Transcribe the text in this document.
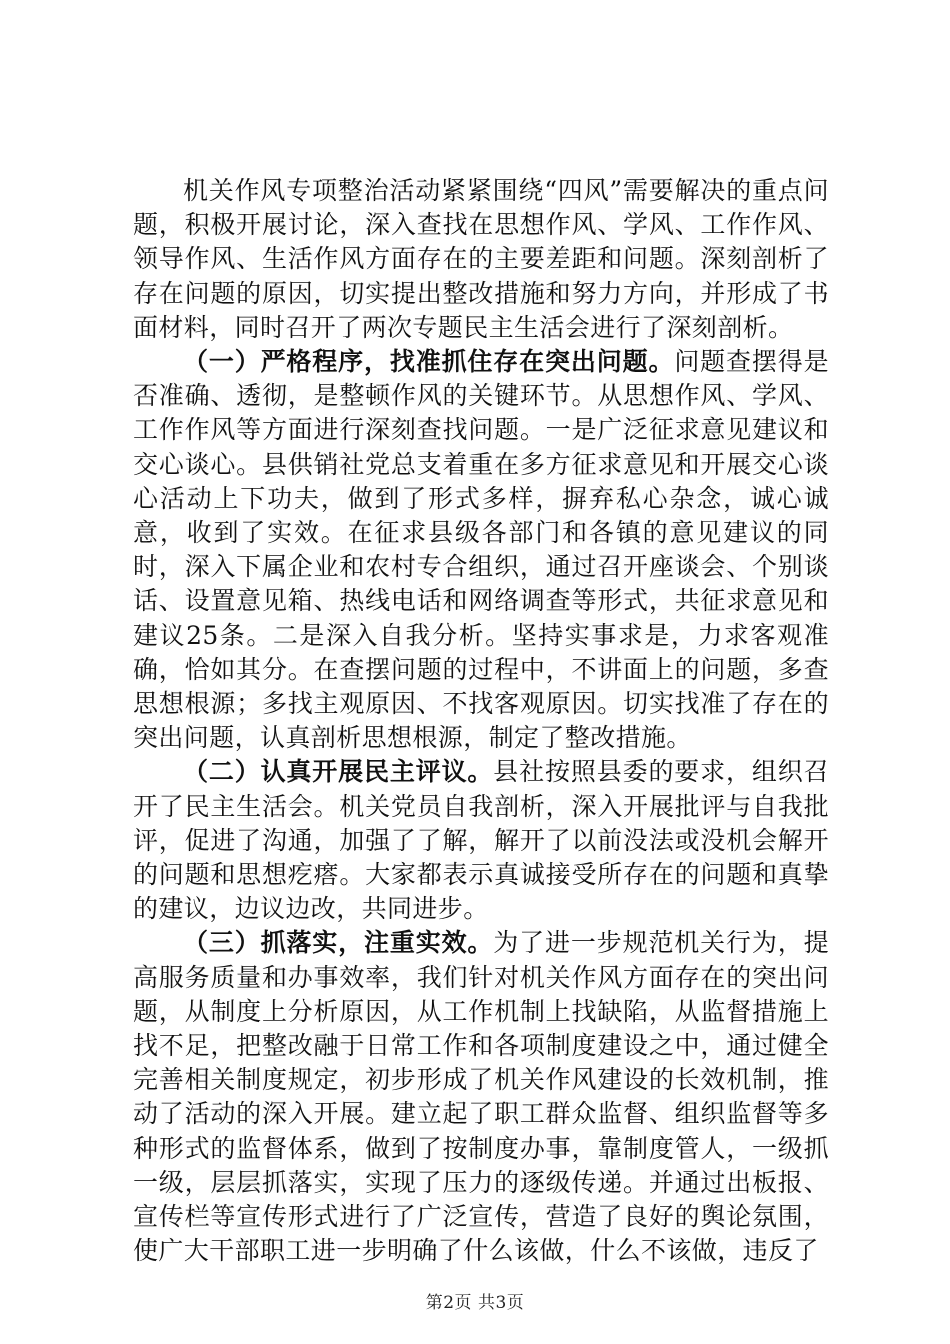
机关作风专项整治活动紧紧围绕“四风”需要解决的重点问题，积极开展讨论，深入查找在思想作风、学风、工作作风、领导作风、生活作风方面存在的主要差距和问题。深刻剖析了存在问题的原因，切实提出整改措施和努力方向，并形成了书面材料，同时召开了两次专题民主生活会进行了深刻剖析。

（一）严格程序，找准抓住存在突出问题。问题查摆得是否准确、透彻，是整顿作风的关键环节。从思想作风、学风、工作作风等方面进行深刻查找问题。一是广泛征求意见建议和交心谈心。县供销社党总支着重在多方征求意见和开展交心谈心活动上下功夫，做到了形式多样，摒弃私心杂念，诚心诚意，收到了实效。在征求县级各部门和各镇的意见建议的同时，深入下属企业和农村专合组织，通过召开座谈会、个别谈话、设置意见箱、热线电话和网络调查等形式，共征求意见和建议25条。二是深入自我分析。坚持实事求是，力求客观准确，恰如其分。在查摆问题的过程中，不讲面上的问题，多查思想根源；多找主观原因、不找客观原因。切实找准了存在的突出问题，认真剖析思想根源，制定了整改措施。

（二）认真开展民主评议。县社按照县委的要求，组织召开了民主生活会。机关党员自我剖析，深入开展批评与自我批评，促进了沟通，加强了了解，解开了以前没法或没机会解开的问题和思想疙瘩。大家都表示真诚接受所存在的问题和真挚的建议，边议边改，共同进步。

（三）抓落实，注重实效。为了进一步规范机关行为，提高服务质量和办事效率，我们针对机关作风方面存在的突出问题，从制度上分析原因，从工作机制上找缺陷，从监督措施上找不足，把整改融于日常工作和各项制度建设之中，通过健全完善相关制度规定，初步形成了机关作风建设的长效机制，推动了活动的深入开展。建立起了职工群众监督、组织监督等多种形式的监督体系，做到了按制度办事，靠制度管人，一级抓一级，层层抓落实，实现了压力的逐级传递。并通过出板报、宣传栏等宣传形式进行了广泛宣传，营造了良好的舆论氛围，使广大干部职工进一步明确了什么该做，什么不该做，违反了

第2页 共3页
